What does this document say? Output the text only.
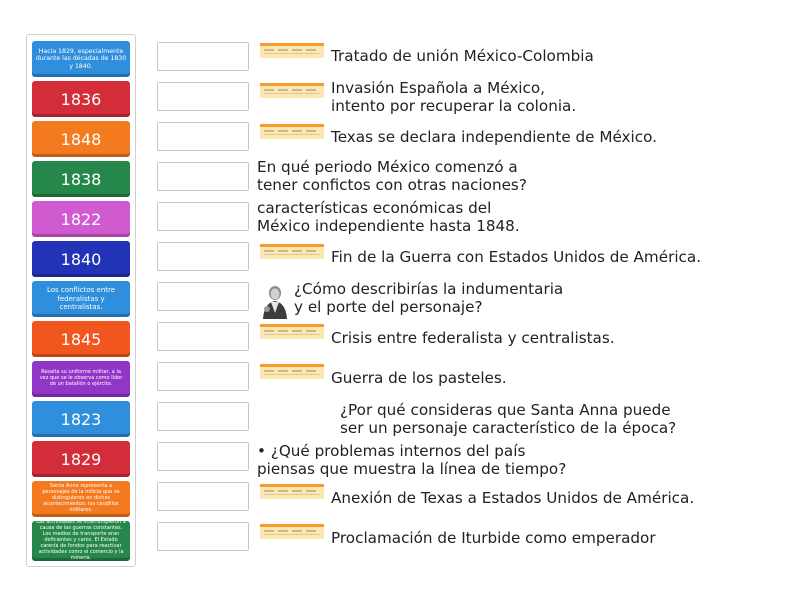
Hacia 1829, especialmente durante las décadas de 1830 y 1840.
1836
1848
1838
1822
1840
Los conflictos entre federalistas y centralistas.
1845
Resalta su uniforme militar, a la vez que se le observa como líder de un batallón o ejército.
1823
1829
Santa Anna representa a personajes de la milicia que se distinguieron en dichos acontecimientos: los caudillos militares.
Las actividades se interrumpieron a causa de las guerras constantes. Los medios de transporte eran deficientes y caros. El Estado carecía de fondos para reactivar actividades como el comercio y la minería.
Tratado de unión México-Colombia
Invasión Española a México,
intento por recuperar la colonia.
Texas se declara independiente de México.
En qué periodo México comenzó a
tener confictos con otras naciones?
características económicas del
México independiente hasta 1848.
Fin de la Guerra con Estados Unidos de América.
¿Cómo describirías la indumentaria
y el porte del personaje?
Crisis entre federalista y centralistas.
Guerra de los pasteles.
¿Por qué consideras que Santa Anna puede
ser un personaje característico de la época?
• ¿Qué problemas internos del país
piensas que muestra la línea de tiempo?
Anexión de Texas a Estados Unidos de América.
Proclamación de Iturbide como emperador
